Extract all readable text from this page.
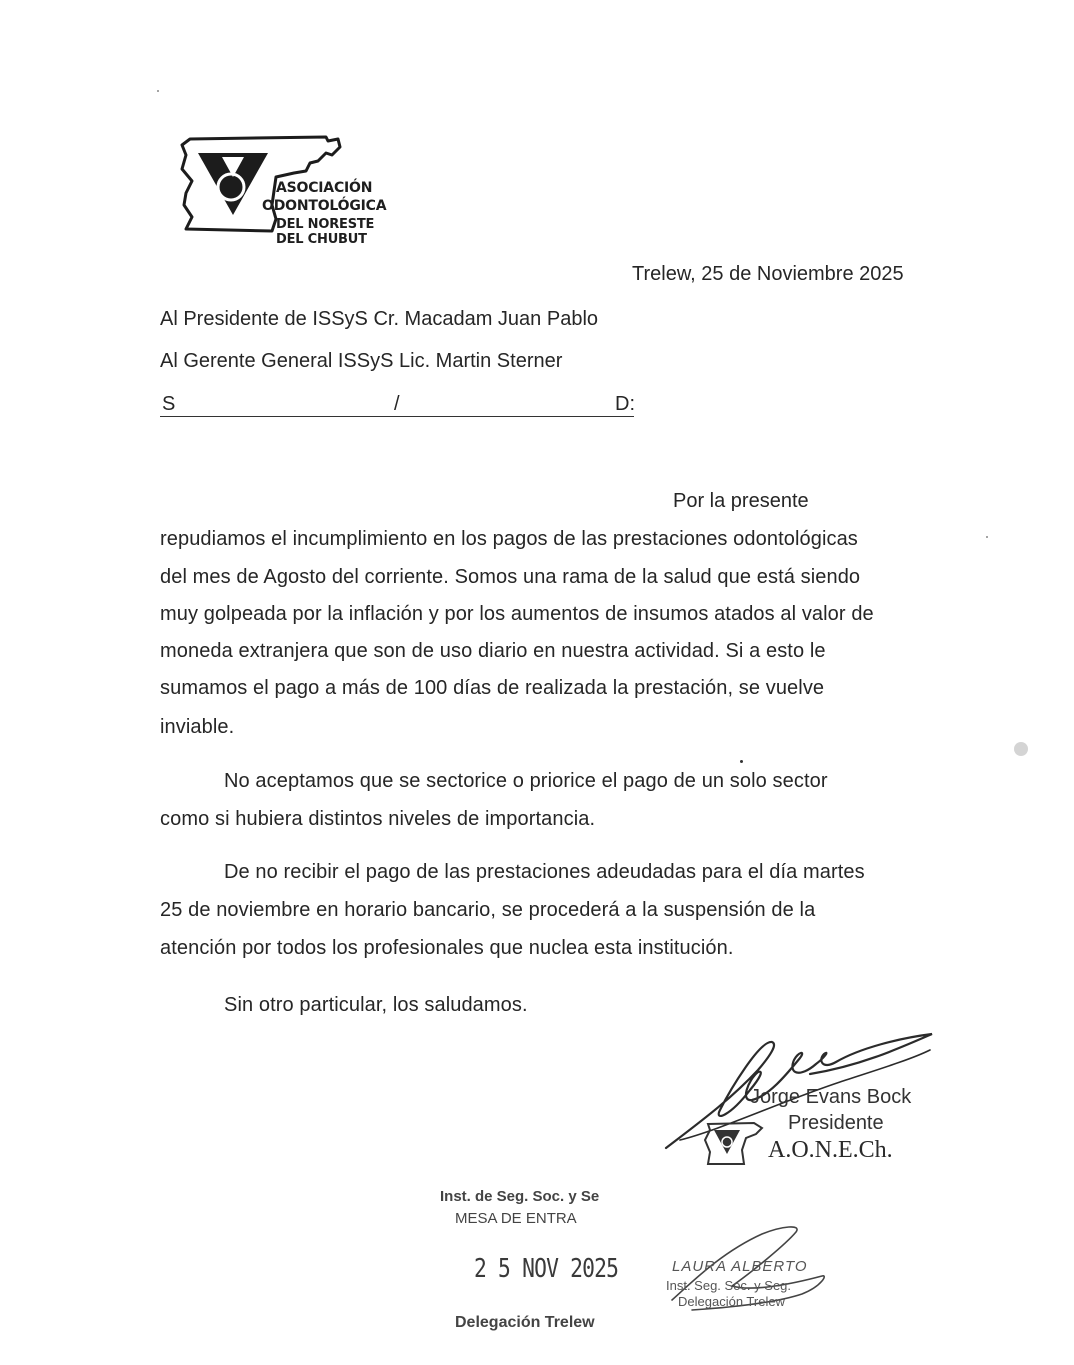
ASOCIACIÓN
ODONTOLÓGICA
DEL NORESTE
DEL CHUBUT
Trelew, 25 de Noviembre 2025
Al Presidente de ISSyS Cr. Macadam Juan Pablo
Al Gerente General ISSyS Lic. Martin Sterner
S	/	D:
Por la presente
repudiamos el incumplimiento en los pagos de las prestaciones odontológicas
del mes de Agosto del corriente. Somos una rama de la salud que está siendo
muy golpeada por la inflación y por los aumentos de insumos atados al valor de
moneda extranjera que son de uso diario en nuestra actividad. Si a esto le
sumamos el pago a más de 100 días de realizada la prestación, se vuelve
inviable.
No aceptamos que se sectorice o priorice el pago de un solo sector
como si hubiera distintos niveles de importancia.
De no recibir el pago de las prestaciones adeudadas para el día martes
25 de noviembre en horario bancario, se procederá a la suspensión de la
atención por todos los profesionales que nuclea esta institución.
Sin otro particular, los saludamos.
Jorge Evans Bock
Presidente
A.O.N.E.Ch.
Inst. de Seg. Soc. y Se
MESA DE ENTRA
2 5 NOV 2025
Delegación Trelew
LAURA ALBERTO
Inst. Seg. Soc. y Seg.
Delegación Trelew
